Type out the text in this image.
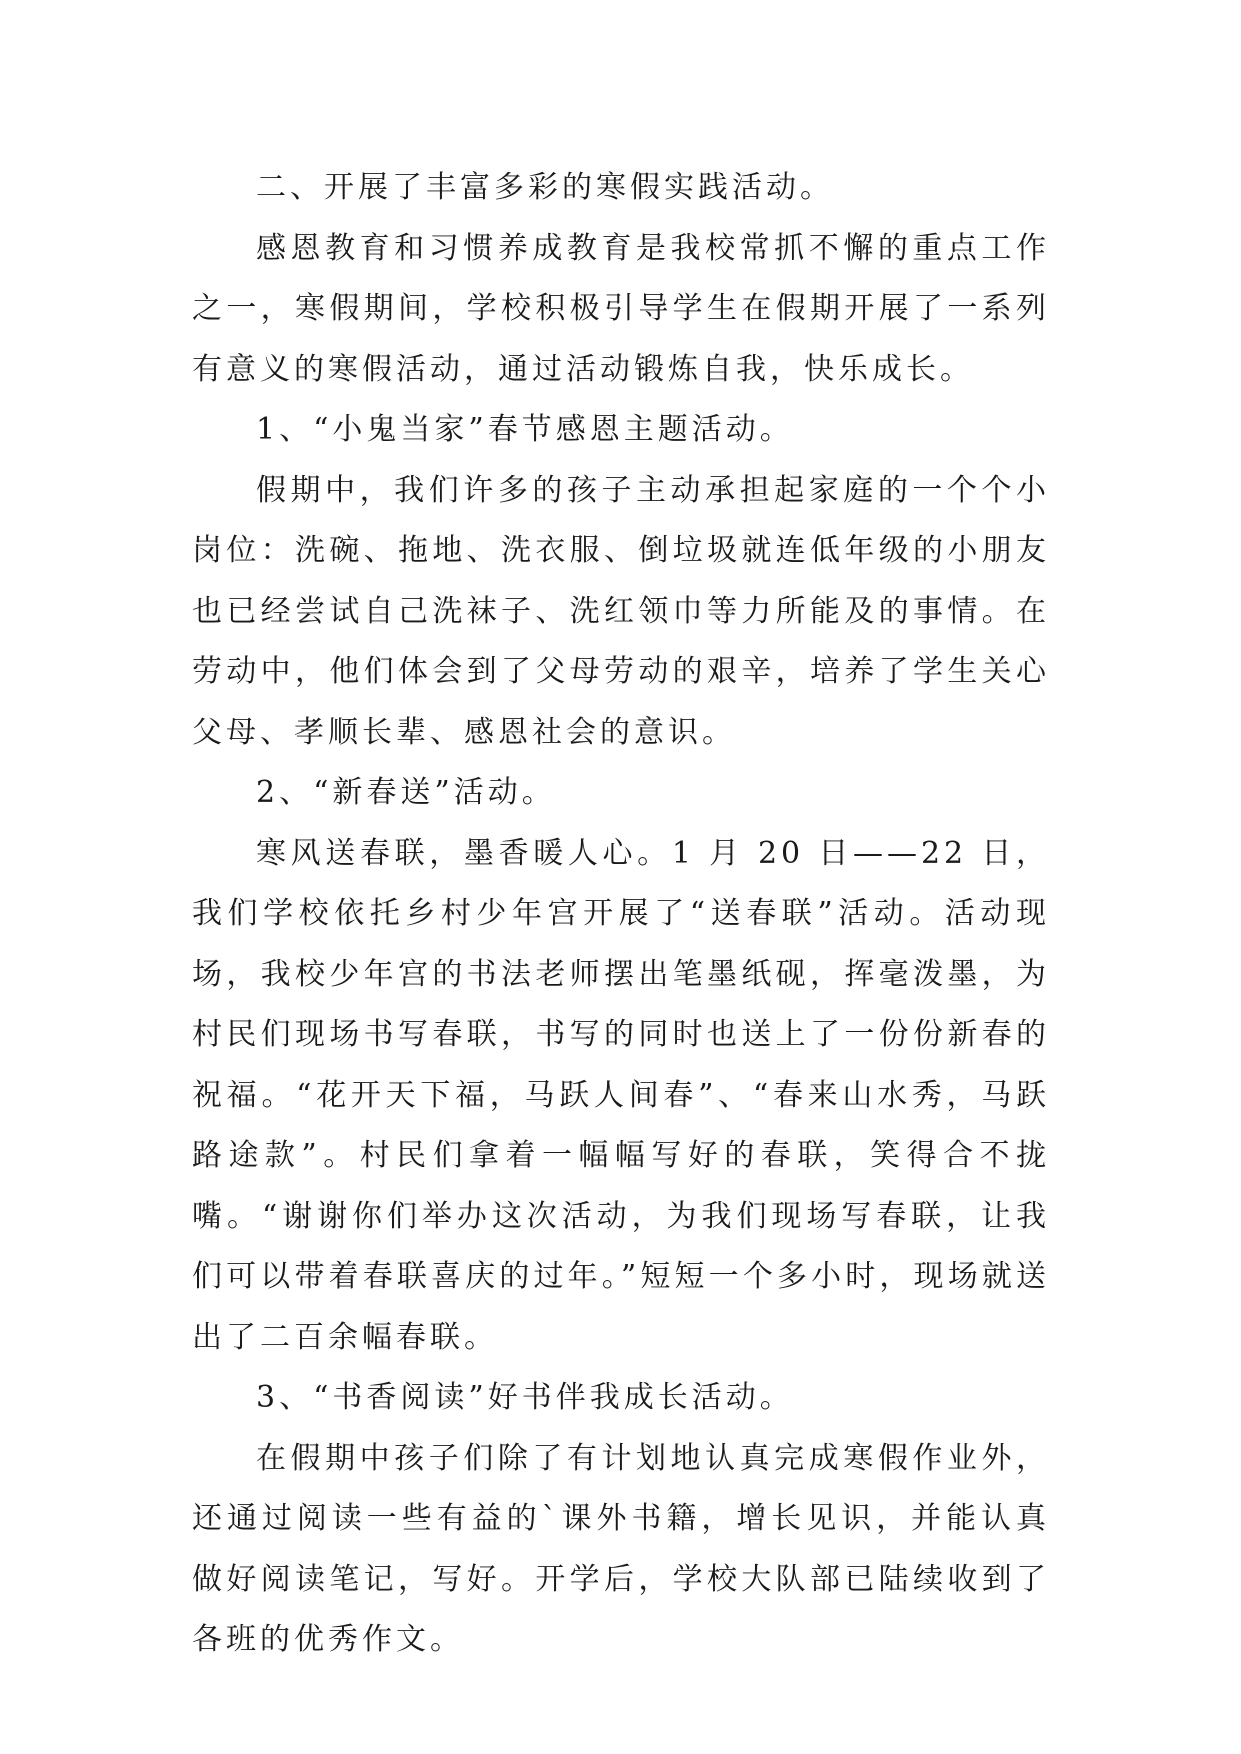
二、开展了丰富多彩的寒假实践活动。

感恩教育和习惯养成教育是我校常抓不懈的重点工作之一，寒假期间，学校积极引导学生在假期开展了一系列有意义的寒假活动，通过活动锻炼自我，快乐成长。

1、“小鬼当家”春节感恩主题活动。

假期中，我们许多的孩子主动承担起家庭的一个个小岗位：洗碗、拖地、洗衣服、倒垃圾就连低年级的小朋友也已经尝试自己洗袜子、洗红领巾等力所能及的事情。在劳动中，他们体会到了父母劳动的艰辛，培养了学生关心父母、孝顺长辈、感恩社会的意识。

2、“新春送”活动。

寒风送春联，墨香暖人心。1 月 20 日——22 日，我们学校依托乡村少年宫开展了“送春联”活动。活动现场，我校少年宫的书法老师摆出笔墨纸砚，挥毫泼墨，为村民们现场书写春联，书写的同时也送上了一份份新春的祝福。“花开天下福，马跃人间春”、“春来山水秀，马跃路途款”。村民们拿着一幅幅写好的春联，笑得合不拢嘴。“谢谢你们举办这次活动，为我们现场写春联，让我们可以带着春联喜庆的过年。”短短一个多小时，现场就送出了二百余幅春联。

3、“书香阅读”好书伴我成长活动。

在假期中孩子们除了有计划地认真完成寒假作业外，还通过阅读一些有益的`课外书籍，增长见识，并能认真做好阅读笔记，写好。开学后，学校大队部已陆续收到了各班的优秀作文。
